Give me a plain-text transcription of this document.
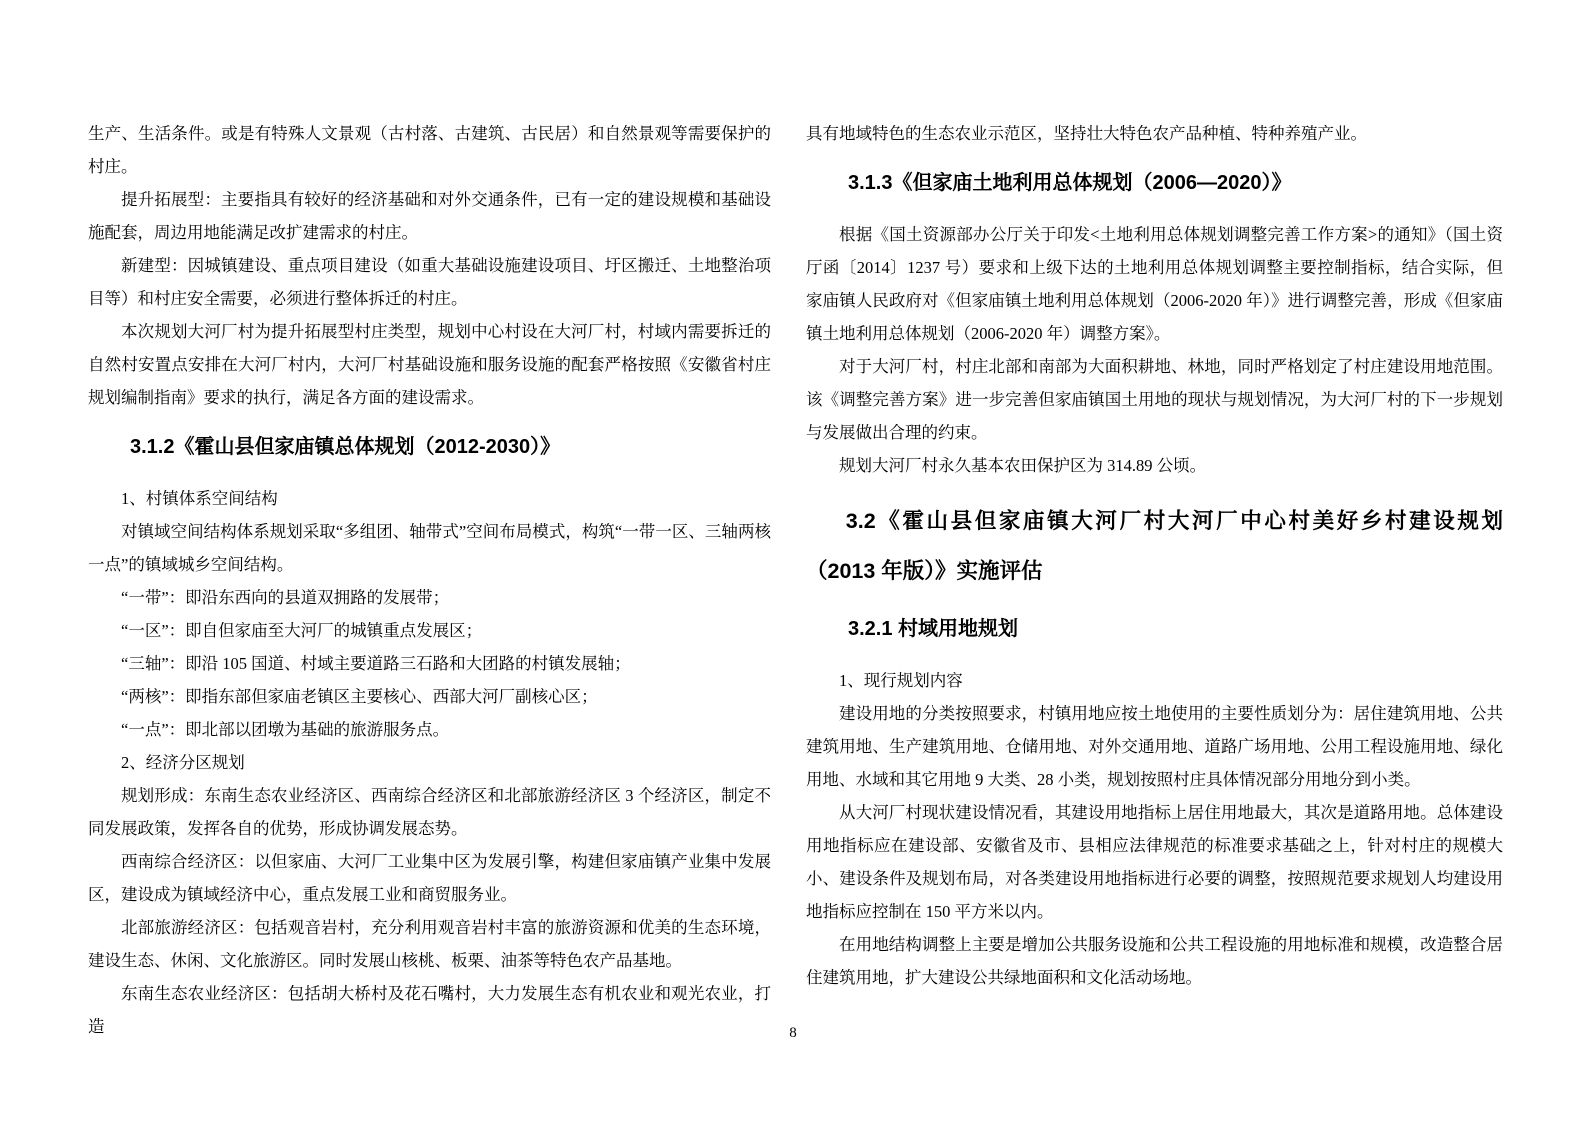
生产、生活条件。或是有特殊人文景观（古村落、古建筑、古民居）和自然景观等需要保护的村庄。

提升拓展型：主要指具有较好的经济基础和对外交通条件，已有一定的建设规模和基础设施配套，周边用地能满足改扩建需求的村庄。

新建型：因城镇建设、重点项目建设（如重大基础设施建设项目、圩区搬迁、土地整治项目等）和村庄安全需要，必须进行整体拆迁的村庄。

本次规划大河厂村为提升拓展型村庄类型，规划中心村设在大河厂村，村域内需要拆迁的自然村安置点安排在大河厂村内，大河厂村基础设施和服务设施的配套严格按照《安徽省村庄规划编制指南》要求的执行，满足各方面的建设需求。

3.1.2《霍山县但家庙镇总体规划（2012-2030）》

1、村镇体系空间结构

对镇域空间结构体系规划采取“多组团、轴带式”空间布局模式，构筑“一带一区、三轴两核一点”的镇域城乡空间结构。

“一带”：即沿东西向的县道双拥路的发展带；

“一区”：即自但家庙至大河厂的城镇重点发展区；

“三轴”：即沿 105 国道、村域主要道路三石路和大团路的村镇发展轴；

“两核”：即指东部但家庙老镇区主要核心、西部大河厂副核心区；

“一点”：即北部以团墩为基础的旅游服务点。

2、经济分区规划

规划形成：东南生态农业经济区、西南综合经济区和北部旅游经济区 3 个经济区，制定不同发展政策，发挥各自的优势，形成协调发展态势。

西南综合经济区：以但家庙、大河厂工业集中区为发展引擎，构建但家庙镇产业集中发展区，建设成为镇域经济中心，重点发展工业和商贸服务业。

北部旅游经济区：包括观音岩村，充分利用观音岩村丰富的旅游资源和优美的生态环境，建设生态、休闲、文化旅游区。同时发展山核桃、板栗、油茶等特色农产品基地。

东南生态农业经济区：包括胡大桥村及花石嘴村，大力发展生态有机农业和观光农业，打造

具有地域特色的生态农业示范区，坚持壮大特色农产品种植、特种养殖产业。

3.1.3《但家庙土地利用总体规划（2006—2020）》

根据《国土资源部办公厅关于印发<土地利用总体规划调整完善工作方案>的通知》（国土资厅函〔2014〕1237 号）要求和上级下达的土地利用总体规划调整主要控制指标，结合实际，但家庙镇人民政府对《但家庙镇土地利用总体规划（2006-2020 年）》进行调整完善，形成《但家庙镇土地利用总体规划（2006-2020 年）调整方案》。

对于大河厂村，村庄北部和南部为大面积耕地、林地，同时严格划定了村庄建设用地范围。该《调整完善方案》进一步完善但家庙镇国土用地的现状与规划情况，为大河厂村的下一步规划与发展做出合理的约束。

规划大河厂村永久基本农田保护区为 314.89 公顷。

3.2《霍山县但家庙镇大河厂村大河厂中心村美好乡村建设规划（2013 年版）》实施评估
3.2.1 村域用地规划

1、现行规划内容

建设用地的分类按照要求，村镇用地应按土地使用的主要性质划分为：居住建筑用地、公共建筑用地、生产建筑用地、仓储用地、对外交通用地、道路广场用地、公用工程设施用地、绿化用地、水域和其它用地 9 大类、28 小类，规划按照村庄具体情况部分用地分到小类。

从大河厂村现状建设情况看，其建设用地指标上居住用地最大，其次是道路用地。总体建设用地指标应在建设部、安徽省及市、县相应法律规范的标准要求基础之上，针对村庄的规模大小、建设条件及规划布局，对各类建设用地指标进行必要的调整，按照规范要求规划人均建设用地指标应控制在 150 平方米以内。

在用地结构调整上主要是增加公共服务设施和公共工程设施的用地标准和规模，改造整合居住建筑用地，扩大建设公共绿地面积和文化活动场地。

8
